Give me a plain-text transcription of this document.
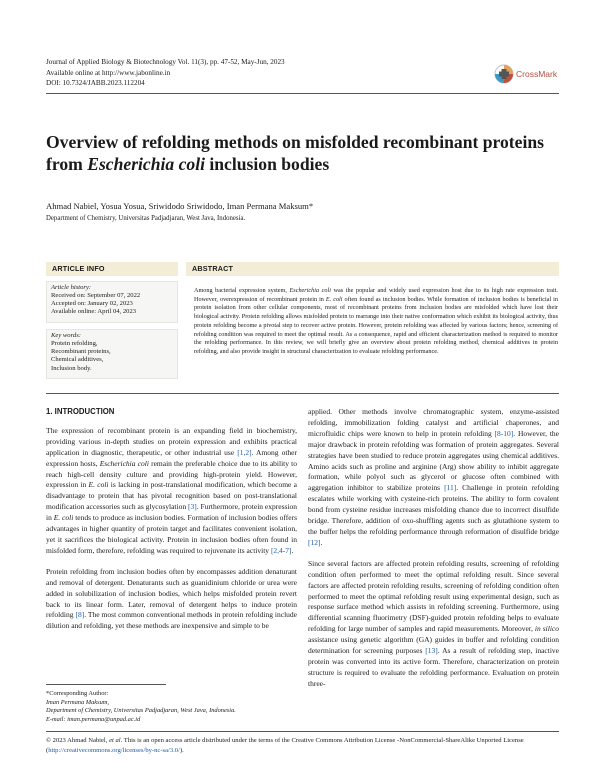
Journal of Applied Biology & Biotechnology Vol. 11(3), pp. 47-52, May-Jun, 2023
Available online at http://www.jabonline.in
DOI: 10.7324/JABB.2023.112204
CrossMark
Overview of refolding methods on misfolded recombinant proteins
from Escherichia coli inclusion bodies
Ahmad Nabiel, Yosua Yosua, Sriwidodo Sriwidodo, Iman Permana Maksum*
Department of Chemistry, Universitas Padjadjaran, West Java, Indonesia.
ARTICLE INFO	ABSTRACT
Article history:
Received on: September 07, 2022
Accepted on: January 02, 2023
Available online: April 04, 2023
Key words:
Protein refolding,
Recombinant proteins,
Chemical additives,
Inclusion body.
Among bacterial expression system, Escherichia coli was the popular and widely used expression host due to its high rate expression trait. However, overexpression of recombinant protein in E. coli often found as inclusion bodies. While formation of inclusion bodies is beneficial in protein isolation from other cellular components, most of recombinant proteins from inclusion bodies are misfolded which have lost their biological activity. Protein refolding allows misfolded protein to rearrange into their native conformation which exhibit its biological activity, thus protein refolding become a pivotal step to recover active protein. However, protein refolding was affected by various factors; hence, screening of refolding condition was required to meet the optimal result. As a consequence, rapid and efficient characterization method is required to monitor the refolding performance. In this review, we will briefly give an overview about protein refolding method, chemical additives in protein refolding, and also provide insight in structural characterization to evaluate refolding performance.

1. INTRODUCTION

The expression of recombinant protein is an expanding field in biochemistry, providing various in-depth studies on protein expression and exhibits practical application in diagnostic, therapeutic, or other industrial use [1,2]. Among other expression hosts, Escherichia coli remain the preferable choice due to its ability to reach high-cell density culture and providing high-protein yield. However, expression in E. coli is lacking in post-translational modification, which become a disadvantage to protein that has pivotal recognition based on post-translational modification accessories such as glycosylation [3]. Furthermore, protein expression in E. coli tends to produce as inclusion bodies. Formation of inclusion bodies offers advantages in higher quantity of protein target and facilitates convenient isolation, yet it sacrifices the biological activity. Protein in inclusion bodies often found in misfolded form, therefore, refolding was required to rejuvenate its activity [2,4-7].

Protein refolding from inclusion bodies often by encompasses addition denaturant and removal of detergent. Denaturants such as guanidinium chloride or urea were added in solubilization of inclusion bodies, which helps misfolded protein revert back to its linear form. Later, removal of detergent helps to induce protein refolding [8]. The most common conventional methods in protein refolding include dilution and refolding, yet these methods are inexpensive and simple to be

applied. Other methods involve chromatographic system, enzyme-assisted refolding, immobilization folding catalyst and artificial chaperones, and microfluidic chips were known to help in protein refolding [8-10]. However, the major drawback in protein refolding was formation of protein aggregates. Several strategies have been studied to reduce protein aggregates using chemical additives. Amino acids such as proline and arginine (Arg) show ability to inhibit aggregate formation, while polyol such as glycerol or glucose often combined with aggregation inhibitor to stabilize proteins [11]. Challenge in protein refolding escalates while working with cysteine-rich proteins. The ability to form covalent bond from cysteine residue increases misfolding chance due to incorrect disulfide bridge. Therefore, addition of oxo-shuffling agents such as glutathione system to the buffer helps the refolding performance through reformation of disulfide bridge [12].

Since several factors are affected protein refolding results, screening of refolding condition often performed to meet the optimal refolding result. Since several factors are affected protein refolding results, screening of refolding condition often performed to meet the optimal refolding result using experimental design, such as response surface method which assists in refolding screening. Furthermore, using differential scanning fluorimetry (DSF)-guided protein refolding helps to evaluate refolding for large number of samples and rapid measurements. Moreover, in silico assistance using genetic algorithm (GA) guides in buffer and refolding condition determination for screening purposes [13]. As a result of refolding step, inactive protein was converted into its active form. Therefore, characterization on protein structure is required to evaluate the refolding performance. Evaluation on protein three-

*Corresponding Author:
Iman Permana Maksum,
Department of Chemistry, Universitas Padjadjaran, West Java, Indonesia.
E-mail: iman.permana@unpad.ac.id
© 2023 Ahmad Nabiel, et al. This is an open access article distributed under the terms of the Creative Commons Attribution License -NonCommercial-ShareAlike Unported License (http://creativecommons.org/licenses/by-nc-sa/3.0/).
